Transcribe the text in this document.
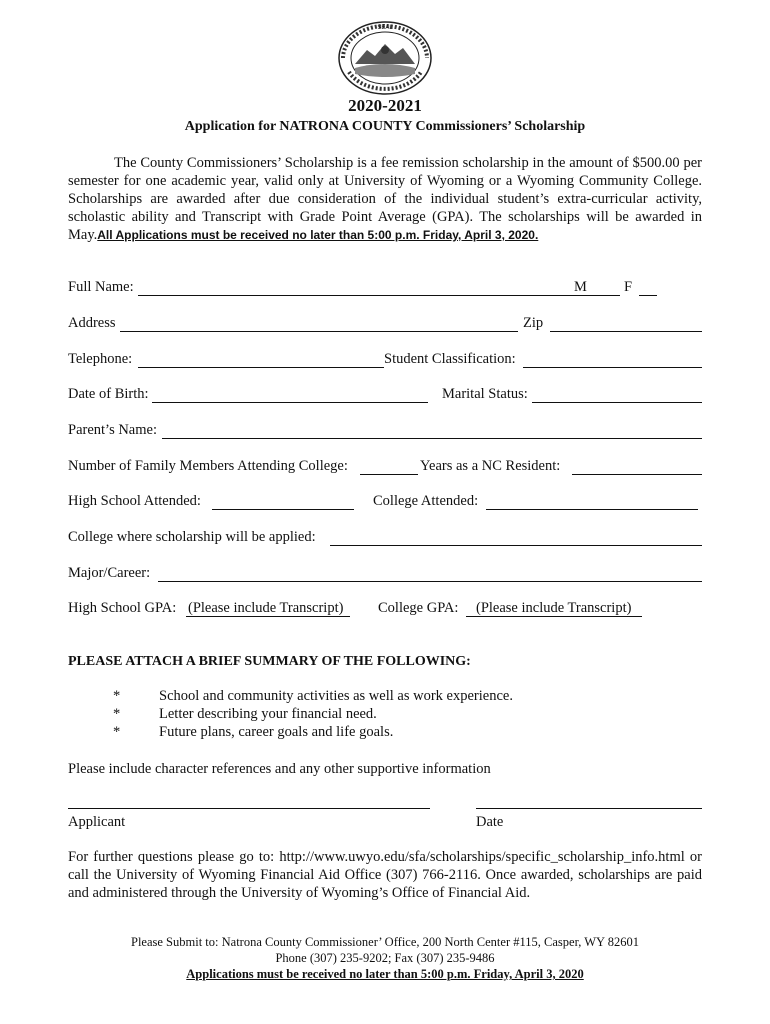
SEAL
2020-2021
Application for NATRONA COUNTY Commissioners’ Scholarship
The County Commissioners’ Scholarship is a fee remission scholarship in the amount of $500.00 per semester for one academic year, valid only at University of Wyoming or a Wyoming Community College. Scholarships are awarded after due consideration of the individual student’s extra-curricular activity, scholastic ability and Transcript with Grade Point Average (GPA). The scholarships will be awarded in May.All Applications must be received no later than 5:00 p.m. Friday, April 3, 2020.
Full Name:	M	F
Address	Zip
Telephone:	Student Classification:
Date of Birth:	Marital Status:
Parent’s Name:
Number of Family Members Attending College:	Years as a NC Resident:
High School Attended:	College Attended:
College where scholarship will be applied:
Major/Career:
High School GPA: (Please include Transcript) College GPA: (Please include Transcript)
PLEASE ATTACH A BRIEF SUMMARY OF THE FOLLOWING:
*	School and community activities as well as work experience.
*	Letter describing your financial need.
*	Future plans, career goals and life goals.
Please include character references and any other supportive information
Applicant	Date
For further questions please go to: http://www.uwyo.edu/sfa/scholarships/specific_scholarship_info.html or call the University of Wyoming Financial Aid Office (307) 766-2116. Once awarded, scholarships are paid and administered through the University of Wyoming’s Office of Financial Aid.
Please Submit to: Natrona County Commissioner’ Office, 200 North Center #115, Casper, WY 82601
Phone (307) 235-9202; Fax (307) 235-9486
Applications must be received no later than 5:00 p.m. Friday, April 3, 2020
